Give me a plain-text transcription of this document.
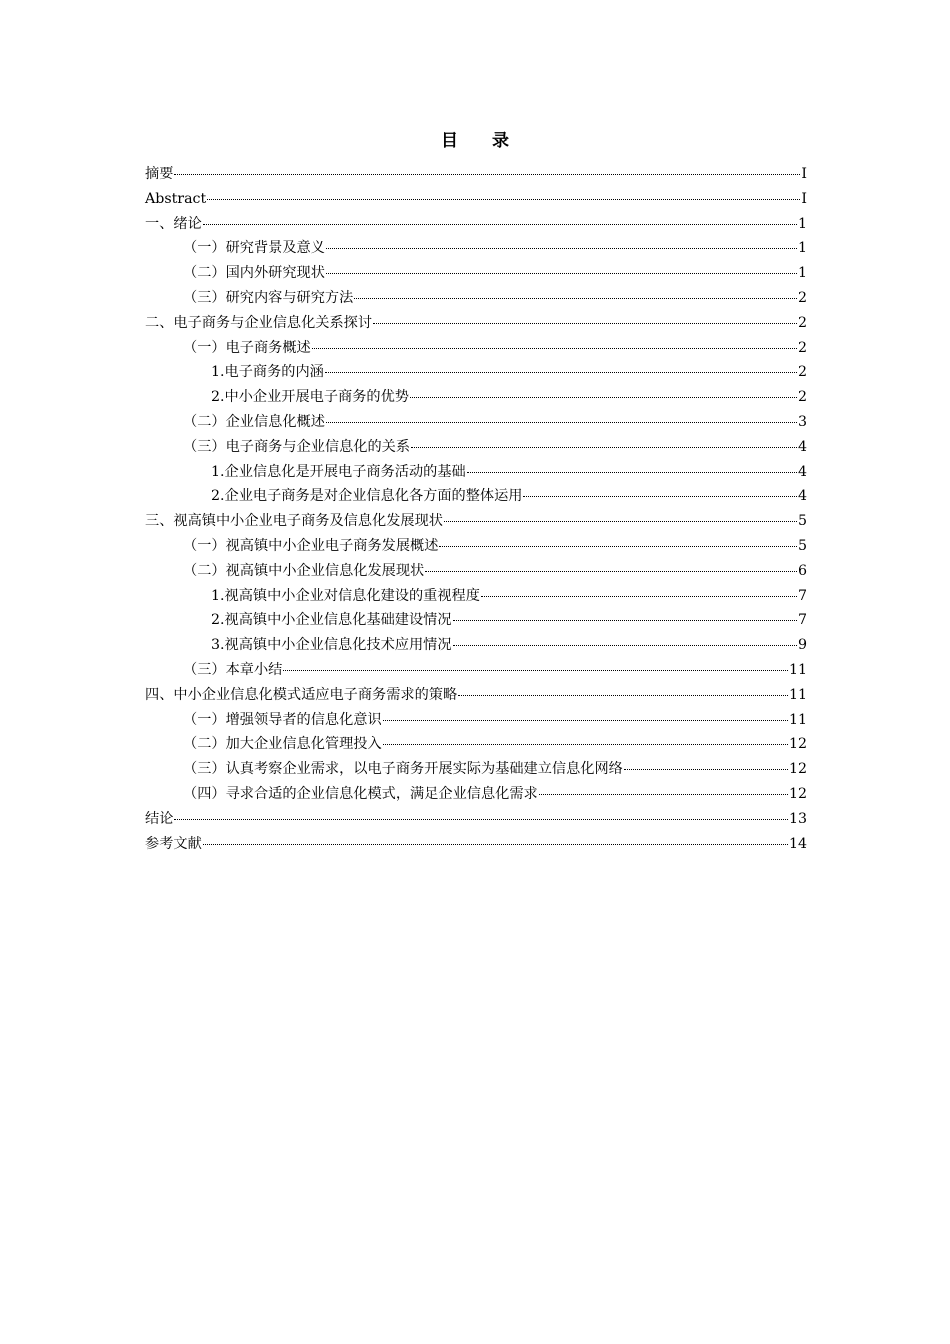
目 录
摘要	I
Abstract	I
一、绪论	1
（一）研究背景及意义	1
（二）国内外研究现状	1
（三）研究内容与研究方法	2
二、电子商务与企业信息化关系探讨	2
（一）电子商务概述	2
1.电子商务的内涵	2
2.中小企业开展电子商务的优势	2
（二）企业信息化概述	3
（三）电子商务与企业信息化的关系	4
1.企业信息化是开展电子商务活动的基础	4
2.企业电子商务是对企业信息化各方面的整体运用	4
三、视高镇中小企业电子商务及信息化发展现状	5
（一）视高镇中小企业电子商务发展概述	5
（二）视高镇中小企业信息化发展现状	6
1.视高镇中小企业对信息化建设的重视程度	7
2.视高镇中小企业信息化基础建设情况	7
3.视高镇中小企业信息化技术应用情况	9
（三）本章小结	11
四、中小企业信息化模式适应电子商务需求的策略	11
（一）增强领导者的信息化意识	11
（二）加大企业信息化管理投入	12
（三）认真考察企业需求，以电子商务开展实际为基础建立信息化网络	12
（四）寻求合适的企业信息化模式，满足企业信息化需求	12
结论	13
参考文献	14
